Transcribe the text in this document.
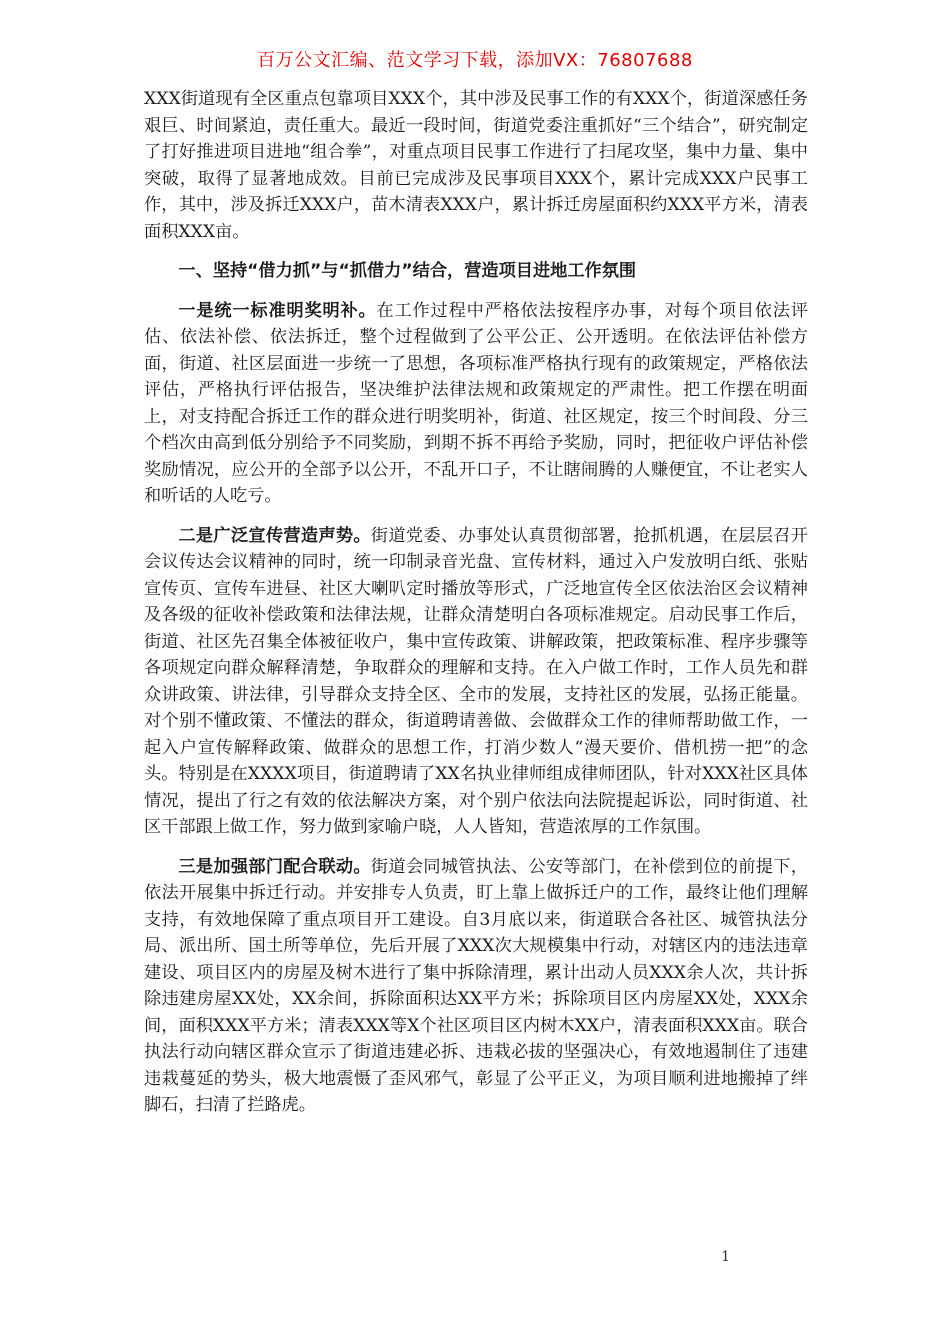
百万公文汇编、范文学习下载，添加VX：76807688

XXX街道现有全区重点包靠项目XXX个，其中涉及民事工作的有XXX个，街道深感任务艰巨、时间紧迫，责任重大。最近一段时间，街道党委注重抓好“三个结合”，研究制定了打好推进项目进地“组合拳”，对重点项目民事工作进行了扫尾攻坚，集中力量、集中突破，取得了显著地成效。目前已完成涉及民事项目XXX个，累计完成XXX户民事工作，其中，涉及拆迁XXX户，苗木清表XXX户，累计拆迁房屋面积约XXX平方米，清表面积XXX亩。

一、坚持“借力抓”与“抓借力”结合，营造项目进地工作氛围

一是统一标准明奖明补。在工作过程中严格依法按程序办事，对每个项目依法评估、依法补偿、依法拆迁，整个过程做到了公平公正、公开透明。在依法评估补偿方面，街道、社区层面进一步统一了思想，各项标准严格执行现有的政策规定，严格依法评估，严格执行评估报告，坚决维护法律法规和政策规定的严肃性。把工作摆在明面上，对支持配合拆迁工作的群众进行明奖明补，街道、社区规定，按三个时间段、分三个档次由高到低分别给予不同奖励，到期不拆不再给予奖励，同时，把征收户评估补偿奖励情况，应公开的全部予以公开，不乱开口子，不让瞎闹腾的人赚便宜，不让老实人和听话的人吃亏。

二是广泛宣传营造声势。街道党委、办事处认真贯彻部署，抢抓机遇，在层层召开会议传达会议精神的同时，统一印制录音光盘、宣传材料，通过入户发放明白纸、张贴宣传页、宣传车进昼、社区大喇叭定时播放等形式，广泛地宣传全区依法治区会议精神及各级的征收补偿政策和法律法规，让群众清楚明白各项标准规定。启动民事工作后，街道、社区先召集全体被征收户，集中宣传政策、讲解政策，把政策标准、程序步骤等各项规定向群众解释清楚，争取群众的理解和支持。在入户做工作时，工作人员先和群众讲政策、讲法律，引导群众支持全区、全市的发展，支持社区的发展，弘扬正能量。对个别不懂政策、不懂法的群众，街道聘请善做、会做群众工作的律师帮助做工作，一起入户宣传解释政策、做群众的思想工作，打消少数人“漫天要价、借机捞一把”的念头。特别是在XXXX项目，街道聘请了XX名执业律师组成律师团队，针对XXX社区具体情况，提出了行之有效的依法解决方案，对个别户依法向法院提起诉讼，同时街道、社区干部跟上做工作，努力做到家喻户晓，人人皆知，营造浓厚的工作氛围。

三是加强部门配合联动。街道会同城管执法、公安等部门，在补偿到位的前提下，依法开展集中拆迁行动。并安排专人负责，盯上靠上做拆迁户的工作，最终让他们理解支持，有效地保障了重点项目开工建设。自3月底以来，街道联合各社区、城管执法分局、派出所、国土所等单位，先后开展了XXX次大规模集中行动，对辖区内的违法违章建设、项目区内的房屋及树木进行了集中拆除清理，累计出动人员XXX余人次，共计拆除违建房屋XX处，XX余间，拆除面积达XX平方米；拆除项目区内房屋XX处，XXX余间，面积XXX平方米；清表XXX等X个社区项目区内树木XX户，清表面积XXX亩。联合执法行动向辖区群众宣示了街道违建必拆、违栽必拔的坚强决心，有效地遏制住了违建违栽蔓延的势头，极大地震慑了歪风邪气，彰显了公平正义，为项目顺利进地搬掉了绊脚石，扫清了拦路虎。

1
